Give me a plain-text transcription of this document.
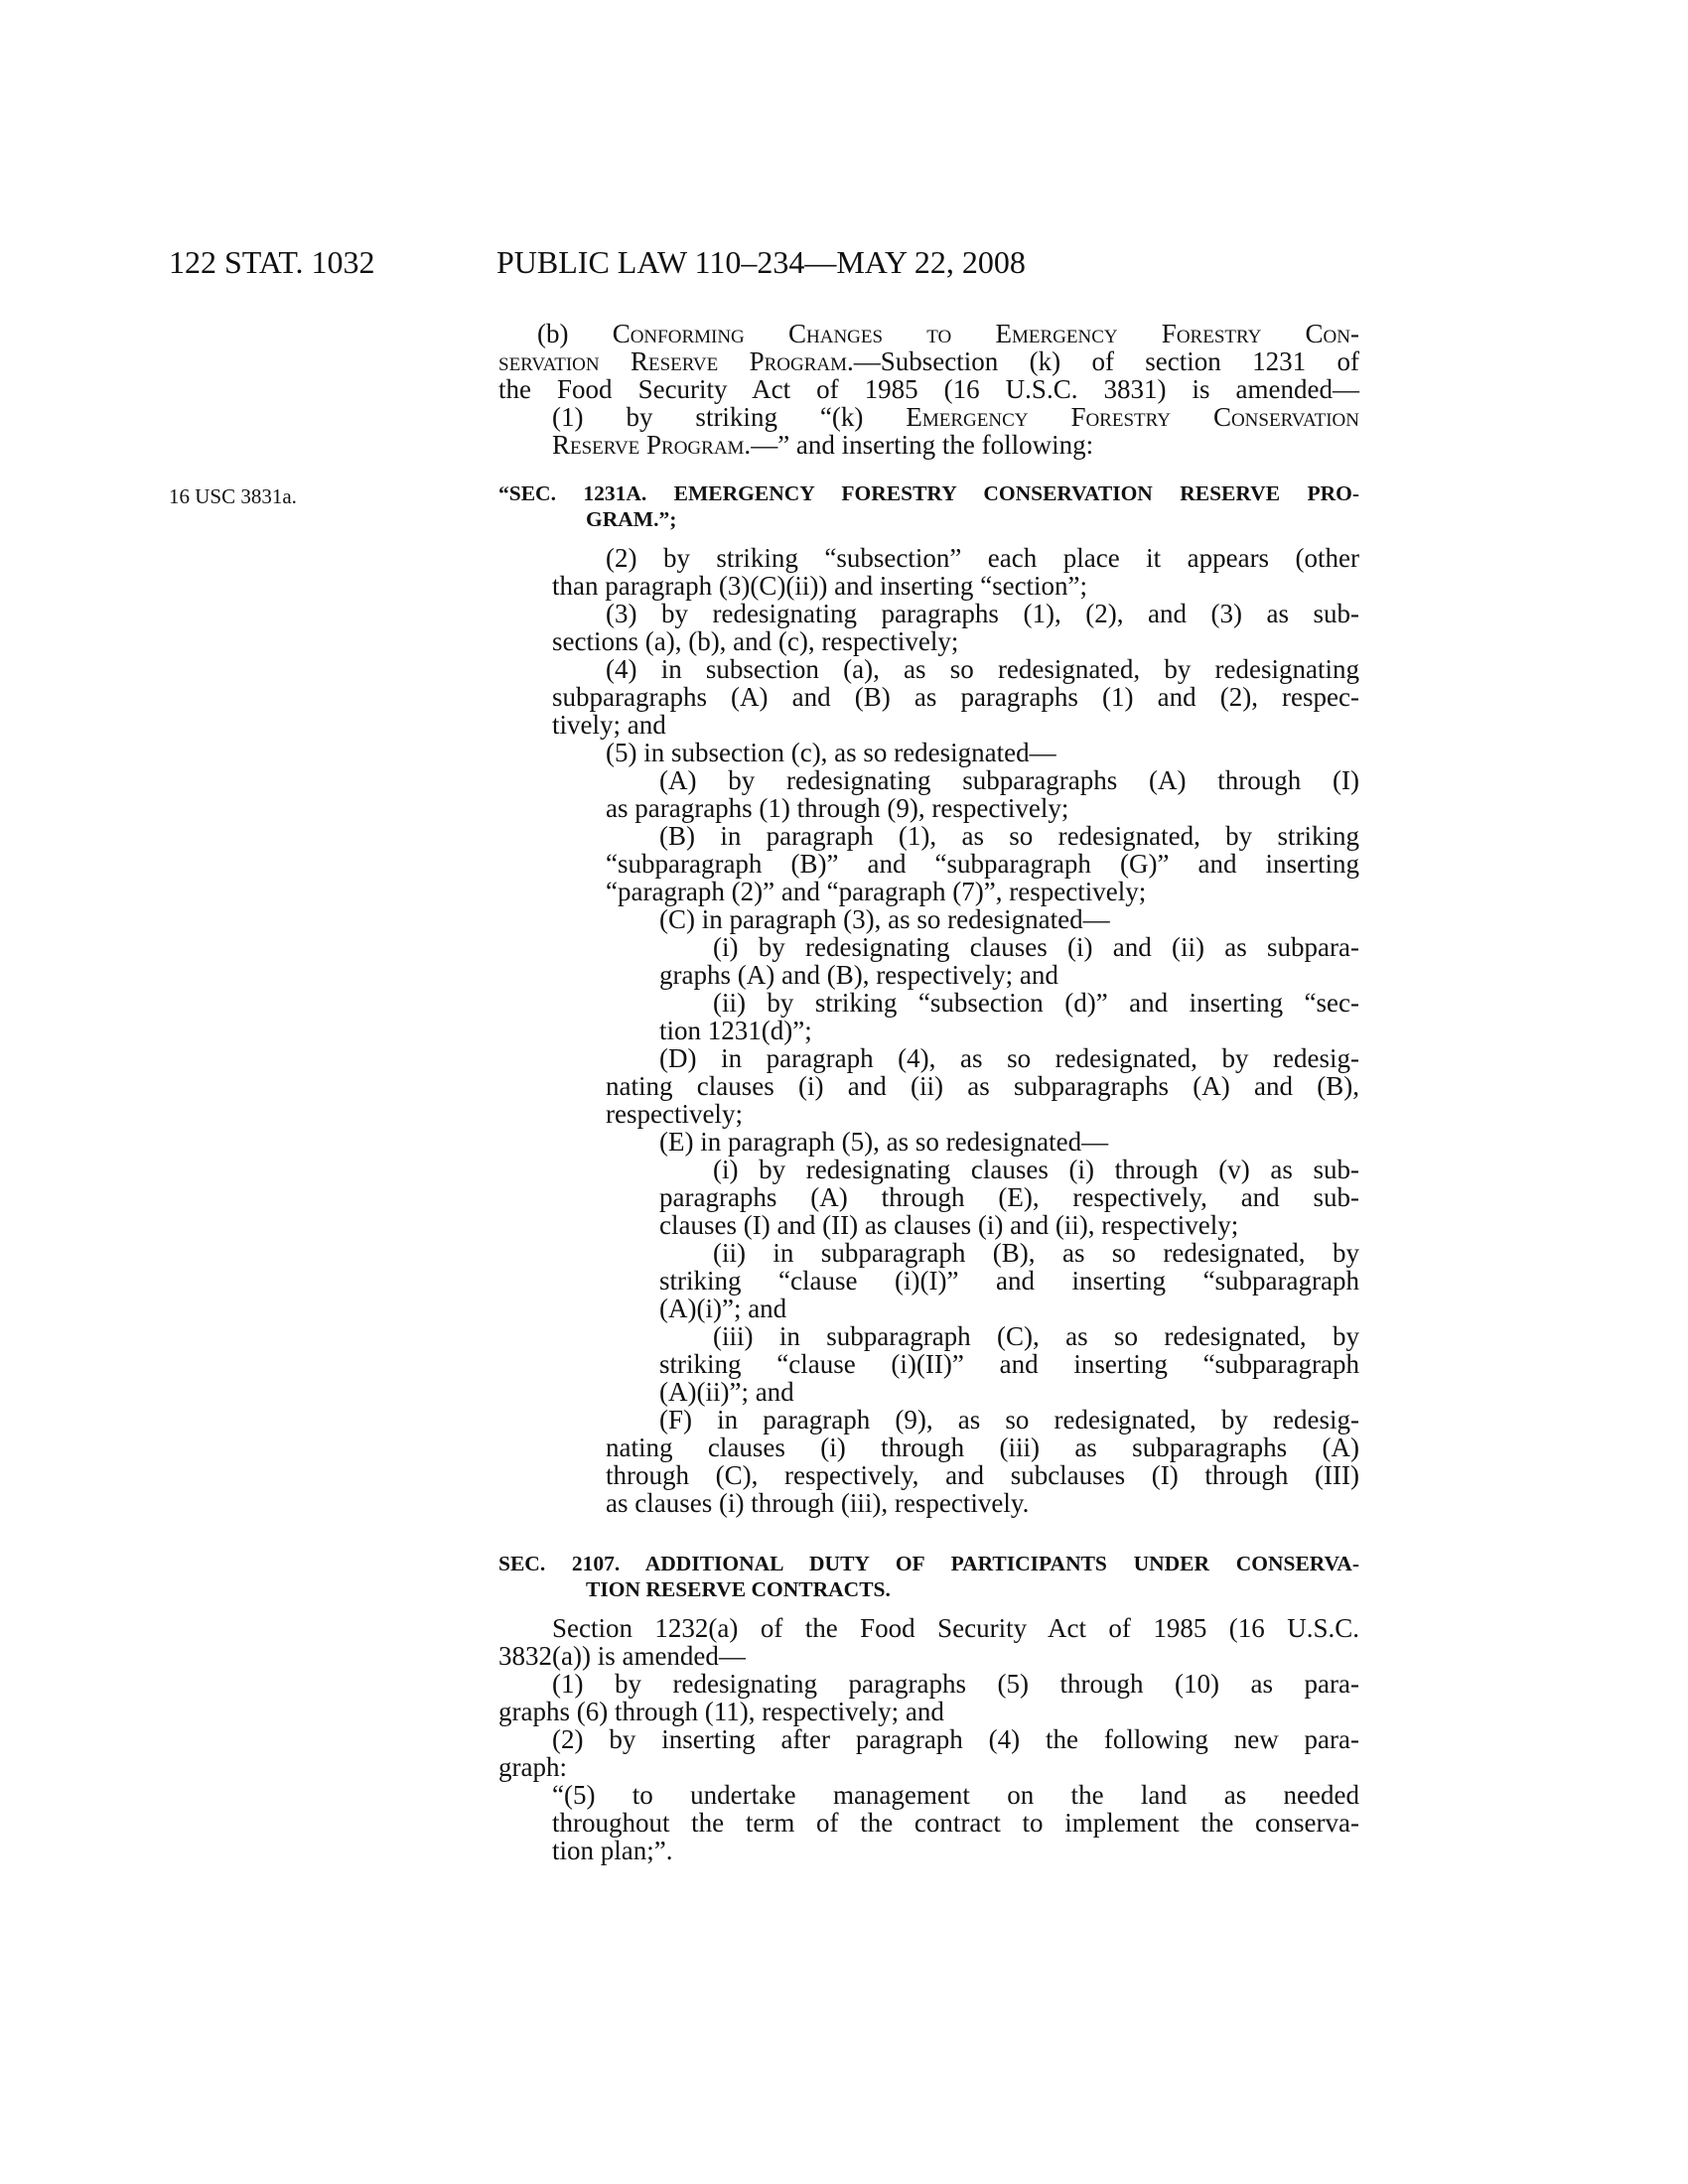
122 STAT. 1032	PUBLIC LAW 110–234—MAY 22, 2008
16 USC 3831a.
(b) Conforming Changes to Emergency Forestry Con-
servation Reserve Program.—Subsection (k) of section 1231 of
the Food Security Act of 1985 (16 U.S.C. 3831) is amended—
(1) by striking “(k) Emergency Forestry Conservation
Reserve Program.—” and inserting the following:
“SEC. 1231A. EMERGENCY FORESTRY CONSERVATION RESERVE PRO-
GRAM.”;
(2) by striking “subsection” each place it appears (other
than paragraph (3)(C)(ii)) and inserting “section”;
(3) by redesignating paragraphs (1), (2), and (3) as sub-
sections (a), (b), and (c), respectively;
(4) in subsection (a), as so redesignated, by redesignating
subparagraphs (A) and (B) as paragraphs (1) and (2), respec-
tively; and
(5) in subsection (c), as so redesignated—
(A) by redesignating subparagraphs (A) through (I)
as paragraphs (1) through (9), respectively;
(B) in paragraph (1), as so redesignated, by striking
“subparagraph (B)” and “subparagraph (G)” and inserting
“paragraph (2)” and “paragraph (7)”, respectively;
(C) in paragraph (3), as so redesignated—
(i) by redesignating clauses (i) and (ii) as subpara-
graphs (A) and (B), respectively; and
(ii) by striking “subsection (d)” and inserting “sec-
tion 1231(d)”;
(D) in paragraph (4), as so redesignated, by redesig-
nating clauses (i) and (ii) as subparagraphs (A) and (B),
respectively;
(E) in paragraph (5), as so redesignated—
(i) by redesignating clauses (i) through (v) as sub-
paragraphs (A) through (E), respectively, and sub-
clauses (I) and (II) as clauses (i) and (ii), respectively;
(ii) in subparagraph (B), as so redesignated, by
striking “clause (i)(I)” and inserting “subparagraph
(A)(i)”; and
(iii) in subparagraph (C), as so redesignated, by
striking “clause (i)(II)” and inserting “subparagraph
(A)(ii)”; and
(F) in paragraph (9), as so redesignated, by redesig-
nating clauses (i) through (iii) as subparagraphs (A)
through (C), respectively, and subclauses (I) through (III)
as clauses (i) through (iii), respectively.
SEC. 2107. ADDITIONAL DUTY OF PARTICIPANTS UNDER CONSERVA-
TION RESERVE CONTRACTS.
Section 1232(a) of the Food Security Act of 1985 (16 U.S.C.
3832(a)) is amended—
(1) by redesignating paragraphs (5) through (10) as para-
graphs (6) through (11), respectively; and
(2) by inserting after paragraph (4) the following new para-
graph:
“(5) to undertake management on the land as needed
throughout the term of the contract to implement the conserva-
tion plan;”.
